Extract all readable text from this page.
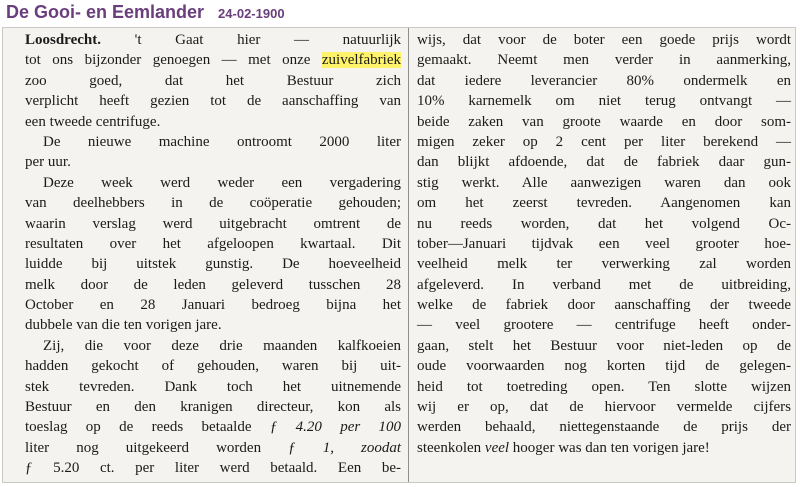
De Gooi- en Eemlander 24-02-1900
Loosdrecht. 't Gaat hier — natuurlijk
tot ons bijzonder genoegen — met onze zuivelfabriek
zoo goed, dat het Bestuur zich
verplicht heeft gezien tot de aanschaffing van
een tweede centrifuge.
De nieuwe machine ontroomt 2000 liter
per uur.
Deze week werd weder een vergadering
van deelhebbers in de coöperatie gehouden;
waarin verslag werd uitgebracht omtrent de
resultaten over het afgeloopen kwartaal. Dit
luidde bij uitstek gunstig. De hoeveelheid
melk door de leden geleverd tusschen 28
October en 28 Januari bedroeg bijna het
dubbele van die ten vorigen jare.
Zij, die voor deze drie maanden kalfkoeien
hadden gekocht of gehouden, waren bij uit-
stek tevreden. Dank toch het uitnemende
Bestuur en den kranigen directeur, kon als
toeslag op de reeds betaalde ƒ 4.20 per 100
liter nog uitgekeerd worden ƒ 1, zoodat
ƒ 5.20 ct. per liter werd betaald. Een be-
wijs, dat voor de boter een goede prijs wordt
gemaakt. Neemt men verder in aanmerking,
dat iedere leverancier 80% ondermelk en
10% karnemelk om niet terug ontvangt —
beide zaken van groote waarde en door som-
migen zeker op 2 cent per liter berekend —
dan blijkt afdoende, dat de fabriek daar gun-
stig werkt. Alle aanwezigen waren dan ook
om het zeerst tevreden. Aangenomen kan
nu reeds worden, dat het volgend Oc-
tober—Januari tijdvak een veel grooter hoe-
veelheid melk ter verwerking zal worden
afgeleverd. In verband met de uitbreiding,
welke de fabriek door aanschaffing der tweede
— veel grootere — centrifuge heeft onder-
gaan, stelt het Bestuur voor niet-leden op de
oude voorwaarden nog korten tijd de gelegen-
heid tot toetreding open. Ten slotte wijzen
wij er op, dat de hiervoor vermelde cijfers
werden behaald, niettegenstaande de prijs der
steenkolen veel hooger was dan ten vorigen jare!
